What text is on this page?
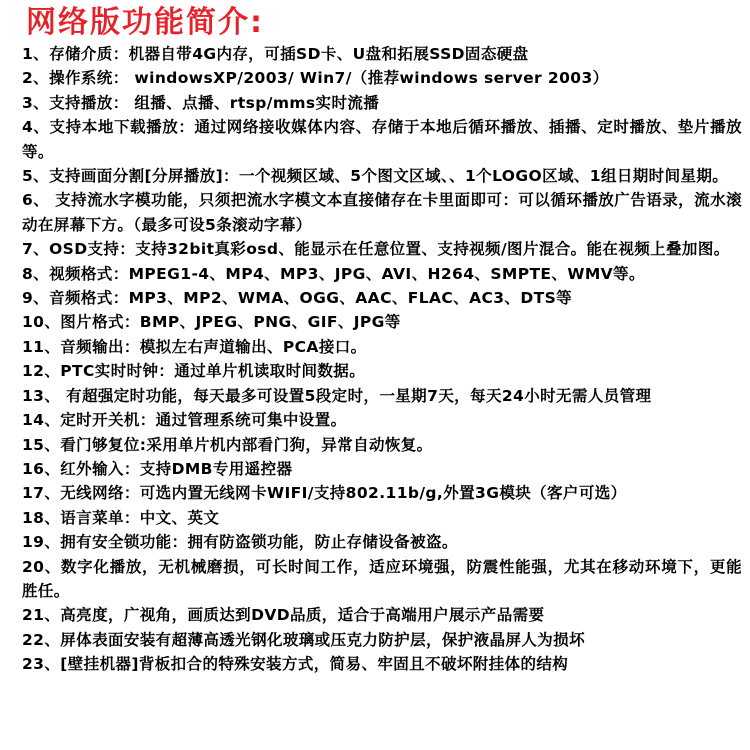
网络版功能简介:
1、存储介质：机器自带4G内存，可插SD卡、U盘和拓展SSD固态硬盘
2、操作系统： windowsXP/2003/ Win7/（推荐windows server 2003）
3、支持播放： 组播、点播、rtsp/mms实时流播
4、支持本地下载播放：通过网络接收媒体内容、存储于本地后循环播放、插播、定时播放、垫片播放等。
5、支持画面分割[分屏播放]：一个视频区域、5个图文区域、、1个LOGO区域、1组日期时间星期。
6、 支持流水字模功能，只须把流水字模文本直接储存在卡里面即可：可以循环播放广告语录，流水滚动在屏幕下方。（最多可设5条滚动字幕）
7、OSD支持：支持32bit真彩osd、能显示在任意位置、支持视频/图片混合。能在视频上叠加图。
8、视频格式：MPEG1-4、MP4、MP3、JPG、AVI、H264、SMPTE、WMV等。
9、音频格式：MP3、MP2、WMA、OGG、AAC、FLAC、AC3、DTS等
10、图片格式：BMP、JPEG、PNG、GIF、JPG等
11、音频输出：模拟左右声道输出、PCA接口。
12、PTC实时时钟：通过单片机读取时间数据。
13、 有超强定时功能，每天最多可设置5段定时，一星期7天，每天24小时无需人员管理
14、定时开关机：通过管理系统可集中设置。
15、看门够复位:采用单片机内部看门狗，异常自动恢复。
16、红外输入：支持DMB专用遥控器
17、无线网络：可选内置无线网卡WIFI/支持802.11b/g,外置3G模块（客户可选）
18、语言菜单：中文、英文
19、拥有安全锁功能：拥有防盗锁功能，防止存储设备被盗。
20、数字化播放，无机械磨损，可长时间工作，适应环境强，防震性能强，尤其在移动环境下，更能胜任。
21、高亮度，广视角，画质达到DVD品质，适合于高端用户展示产品需要
22、屏体表面安装有超薄高透光钢化玻璃或压克力防护层，保护液晶屏人为损坏
23、[壁挂机器]背板扣合的特殊安装方式，简易、牢固且不破坏附挂体的结构
